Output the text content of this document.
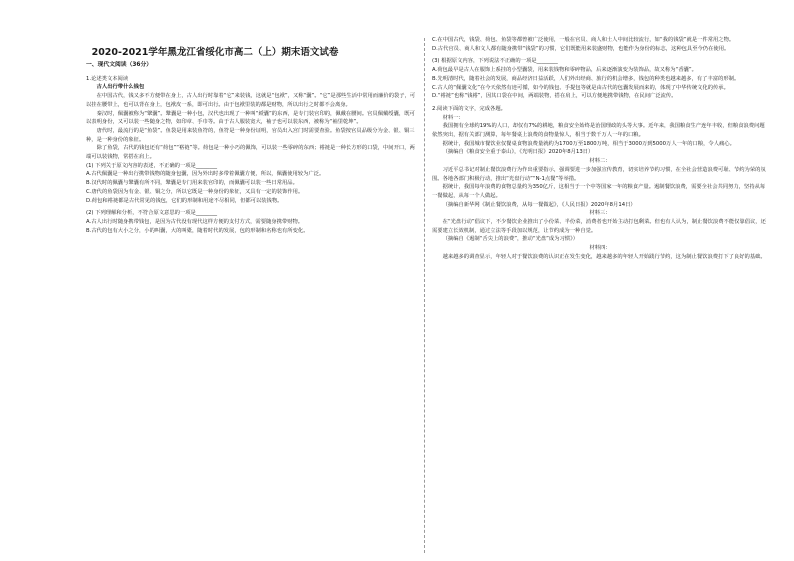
2020-2021学年黑龙江省绥化市高二（上）期末语文试卷

一、现代文阅读（36分）

1.论述类文本阅读

古人出行带什么钱包

在中国古代，钱又多不方便带在身上，古人出行时靠着“它”来装钱，这就是“包袱”，又称“囊”。“它”是那些生活中常用而廉价的袋子，可以挂在腰带上，也可以背在身上，包袱皮一系，即可出行。由于包袱里装的都是财物，所以出行之时都不会离身。

秦汉时，佩囊被称为“鞶囊”。鞶囊是一种小包，汉代也出现了一种叫“綬囊”的东西，是专门装官印的，佩戴在腰间。官员佩戴绶囊，既可以表明身份，又可以装一些随身之物，如印章、手巾等。由于古人服装宽大，袖子也可以装东西，被称为“袖里乾坤”。

唐代时，最流行的是“鱼袋”。鱼袋是用来装鱼符的，鱼符是一种身份证明，官员出入宫门时需要查验。鱼袋按官员品级分为金、银、铜三种，是一种身份的象征。

除了鱼袋，古代的钱包还有“荷包”“褡裢”等。荷包是一种小巧的佩饰，可以装一些零碎的东西；褡裢是一种长方形的口袋，中间开口，两端可以装钱物，常搭在肩上。

(1) 下列关于原文内容的表述，不正确的一项是________

A.古代佩囊是一种出行携带钱物的随身包囊，因为外出时多带着佩囊方便，所以，佩囊使用较为广泛。

B.汉代时的佩囊与鞶囊有所不同，鞶囊是专门用来装官印的，而佩囊可以装一些日常用品。

C.唐代的鱼袋因为有金、银、铜之分，所以它既是一种身份的象征，又具有一定的装饰作用。

D.荷包和褡裢都是古代常见的钱包，它们的形制和用途不尽相同，但都可以装钱物。

(2) 下列理解和分析，不符合原文意思的一项是________

A.古人出行时随身携带钱包，是因为古代没有现代这样方便的支付方式，需要随身携带财物。

B.古代的包有大小之分，小的叫囊，大的叫橐，随着时代的发展，包的形制和名称也有所变化。

C.在中国古代，钱袋、荷包、鱼袋等都曾被广泛使用，一般在官员、商人和士人中间比较流行，如“我的钱袋”就是一件常用之物。

D.古代官员、商人和文人都有随身携带“钱袋”的习惯，它们既能用来装盛财物，也能作为身份的标志，这种包具至今仍在使用。

(3) 根据原文内容，下列说法不正确的一项是________

A.荷包最早是古人在服饰上系挂的小型囊袋，用来装钱物和零碎物品，后来逐渐演变为装饰品，故又称为“香囊”。

B.先明清时代，随着社会的发展，商品经济日益活跃，人们外出经商、旅行的机会增多，钱包的种类也越来越多，有了丰富的形制。

C.古人的“佩囊文化”在今天依然有迹可循，如今的钱包、手提包等就是由古代的包囊发展而来的，体现了中华传统文化的传承。

D.“褡裢”也称“钱褡”，因其口袋在中间，两端装物，搭在肩上，可以方便地携带钱物，在民间广泛流传。

2.阅读下面的文字，完成各题。

材料一：

我国拥有全球约19%的人口，却仅有7%的耕地，粮食安全始终是治国理政的头等大事。近年来，我国粮食生产连年丰收，但粮食浪费问题依然突出，据有关部门测算，每年餐桌上浪费的食物量惊人，相当于数千万人一年的口粮。

据统计，我国城市餐饮业仅餐桌食物浪费量就约为1700万至1800万吨，相当于3000万到5000万人一年的口粮，令人痛心。

（摘编自《粮食安全重于泰山》，《光明日报》2020年8月13日）

材料二：

习近平总书记对制止餐饮浪费行为作出重要指示，强调要进一步加强宣传教育，切实培养节约习惯，在全社会营造浪费可耻、节约为荣的氛围。各地各部门积极行动，推出“光盘行动”“N-1点餐”等举措。

据统计，我国每年浪费的食物总量约为350亿斤，这相当于一个中等国家一年的粮食产量。遏制餐饮浪费，需要全社会共同努力，坚持从每一餐做起，从每一个人做起。

（摘编自新华网《制止餐饮浪费，从每一餐做起》，《人民日报》2020年8月14日）

材料三：

在“光盘行动”倡议下，不少餐饮企业推出了小份菜、半份菜，消费者也开始主动打包剩菜。但也有人认为，制止餐饮浪费不能仅靠倡议，还需要建立长效机制，通过立法等手段加以规范，让节约成为一种自觉。

（摘编自《遏制“舌尖上的浪费”，推动“光盘”成为习惯》）

材料四：

越来越多的调查显示，年轻人对于餐饮浪费的认识正在发生变化，越来越多的年轻人开始践行节约，这为制止餐饮浪费打下了良好的基础。
